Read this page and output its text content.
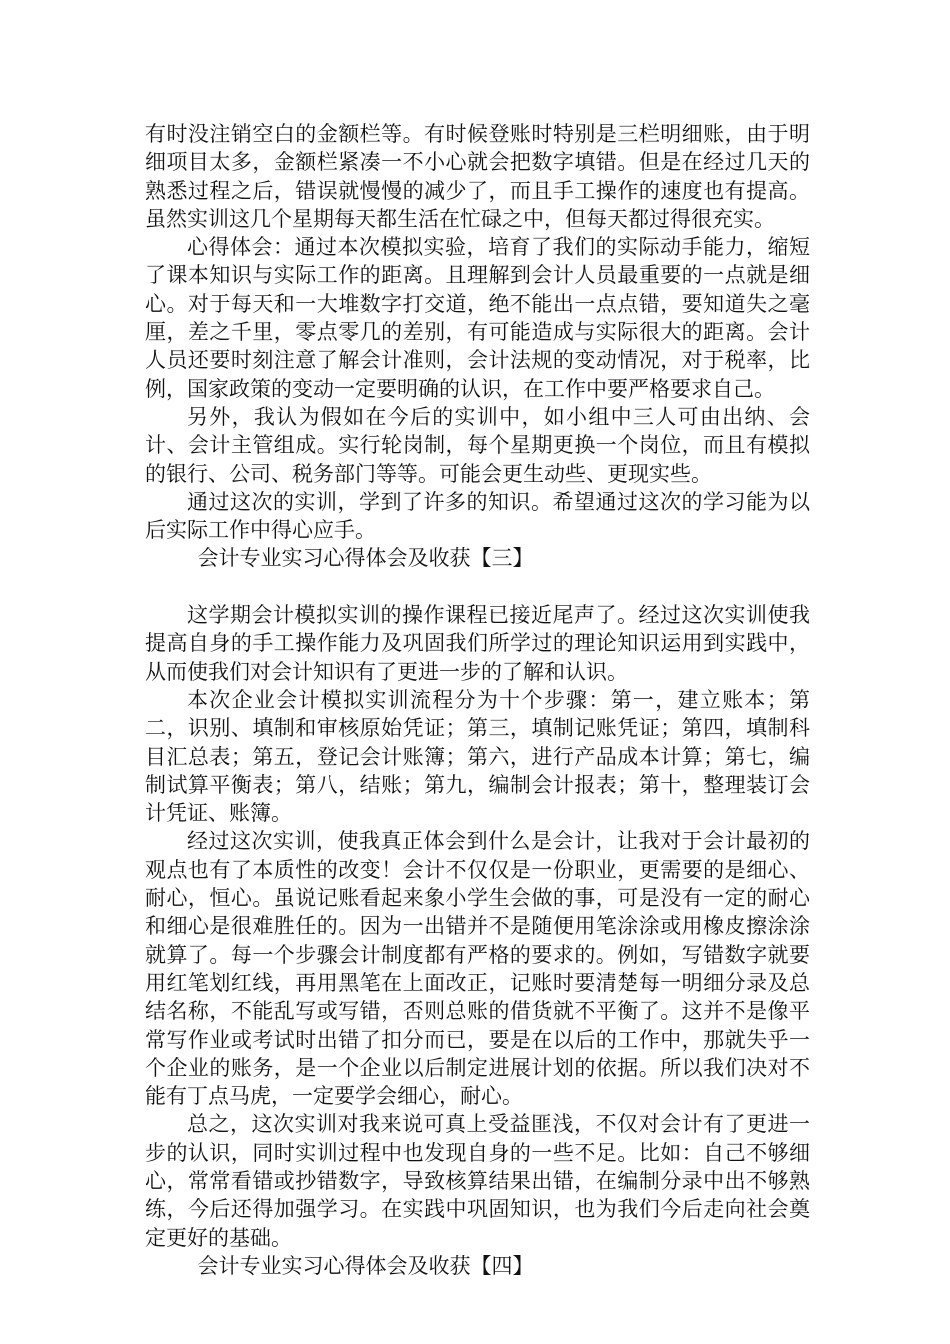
有时没注销空白的金额栏等。有时候登账时特别是三栏明细账，由于明细项目太多，金额栏紧凑一不小心就会把数字填错。但是在经过几天的熟悉过程之后，错误就慢慢的减少了，而且手工操作的速度也有提高。虽然实训这几个星期每天都生活在忙碌之中，但每天都过得很充实。

心得体会：通过本次模拟实验，培育了我们的实际动手能力，缩短了课本知识与实际工作的距离。且理解到会计人员最重要的一点就是细心。对于每天和一大堆数字打交道，绝不能出一点点错，要知道失之毫厘，差之千里，零点零几的差别，有可能造成与实际很大的距离。会计人员还要时刻注意了解会计准则，会计法规的变动情况，对于税率，比例，国家政策的变动一定要明确的认识，在工作中要严格要求自己。

另外，我认为假如在今后的实训中，如小组中三人可由出纳、会计、会计主管组成。实行轮岗制，每个星期更换一个岗位，而且有模拟的银行、公司、税务部门等等。可能会更生动些、更现实些。

通过这次的实训，学到了许多的知识。希望通过这次的学习能为以后实际工作中得心应手。

会计专业实习心得体会及收获【三】

这学期会计模拟实训的操作课程已接近尾声了。经过这次实训使我提高自身的手工操作能力及巩固我们所学过的理论知识运用到实践中，从而使我们对会计知识有了更进一步的了解和认识。

本次企业会计模拟实训流程分为十个步骤：第一，建立账本；第二，识别、填制和审核原始凭证；第三，填制记账凭证；第四，填制科目汇总表；第五，登记会计账簿；第六，进行产品成本计算；第七，编制试算平衡表；第八，结账；第九，编制会计报表；第十，整理装订会计凭证、账簿。

经过这次实训，使我真正体会到什么是会计，让我对于会计最初的观点也有了本质性的改变！会计不仅仅是一份职业，更需要的是细心、耐心，恒心。虽说记账看起来象小学生会做的事，可是没有一定的耐心和细心是很难胜任的。因为一出错并不是随便用笔涂涂或用橡皮擦涂涂就算了。每一个步骤会计制度都有严格的要求的。例如，写错数字就要用红笔划红线，再用黑笔在上面改正，记账时要清楚每一明细分录及总结名称，不能乱写或写错，否则总账的借货就不平衡了。这并不是像平常写作业或考试时出错了扣分而已，要是在以后的工作中，那就失乎一个企业的账务，是一个企业以后制定进展计划的依据。所以我们决对不能有丁点马虎，一定要学会细心，耐心。

总之，这次实训对我来说可真上受益匪浅，不仅对会计有了更进一步的认识，同时实训过程中也发现自身的一些不足。比如：自己不够细心，常常看错或抄错数字，导致核算结果出错，在编制分录中出不够熟练，今后还得加强学习。在实践中巩固知识，也为我们今后走向社会奠定更好的基础。

会计专业实习心得体会及收获【四】
